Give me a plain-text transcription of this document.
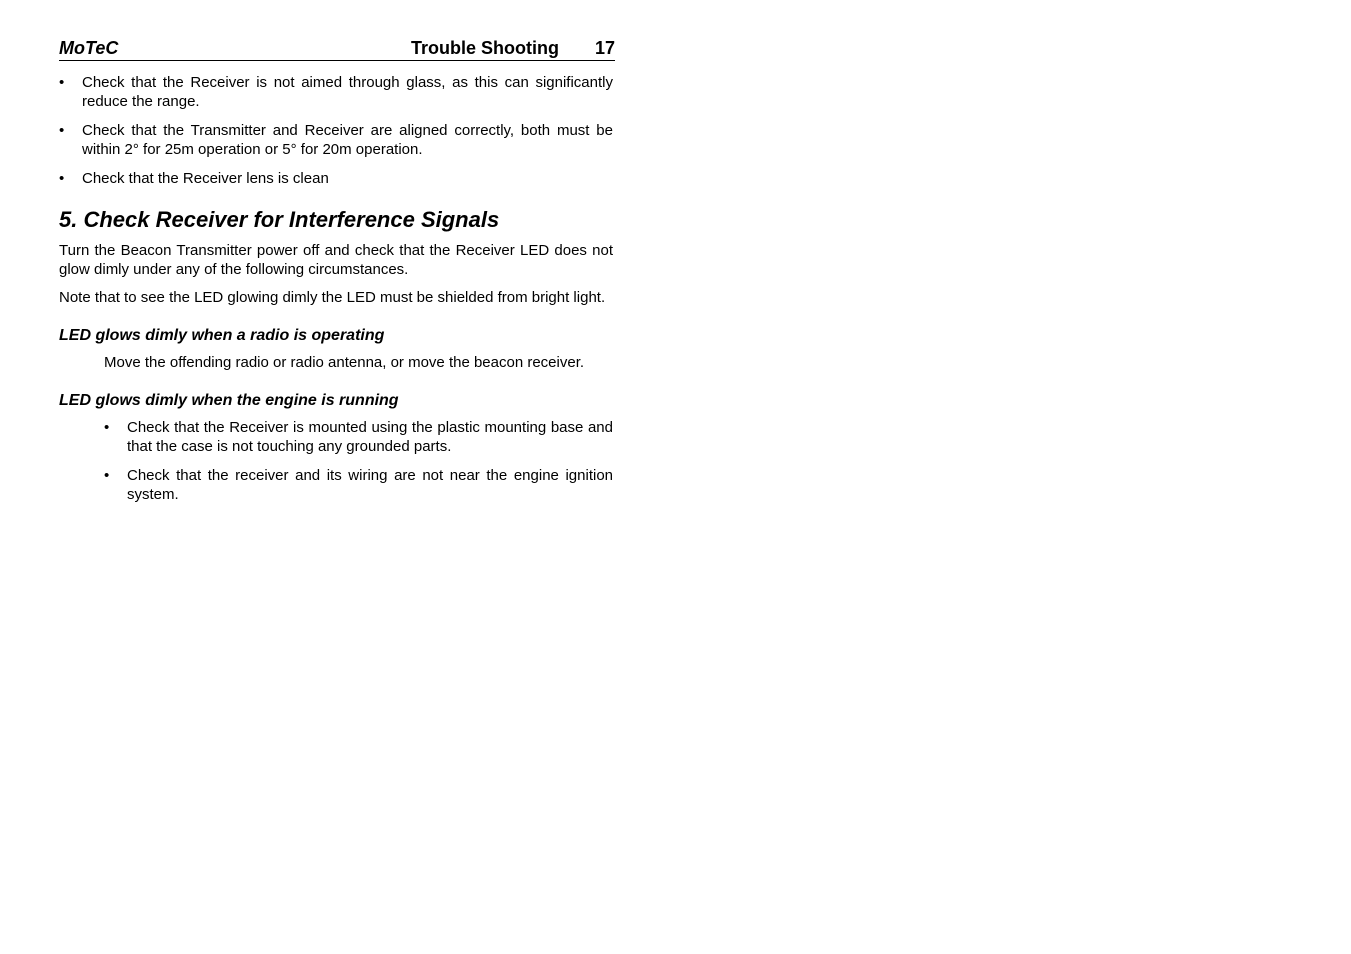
MoTeC	Trouble Shooting 17
•	Check that the Receiver is not aimed through glass, as this can significantly reduce the range.
•	Check that the Transmitter and Receiver are aligned correctly, both must be within 2° for 25m operation or 5° for 20m operation.
•	Check that the Receiver lens is clean
5. Check Receiver for Interference Signals
Turn the Beacon Transmitter power off and check that the Receiver LED does not glow dimly under any of the following circumstances.
Note that to see the LED glowing dimly the LED must be shielded from bright light.
LED glows dimly when a radio is operating
Move the offending radio or radio antenna, or move the beacon receiver.
LED glows dimly when the engine is running
• Check that the Receiver is mounted using the plastic mounting base and that the case is not touching any grounded parts.
• Check that the receiver and its wiring are not near the engine ignition system.
